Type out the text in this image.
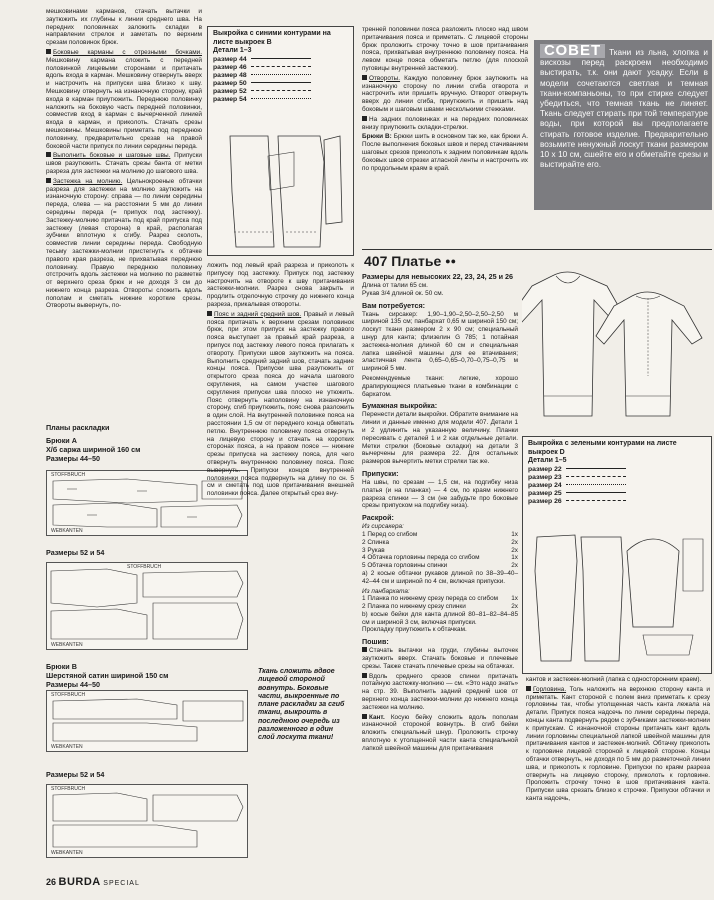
мешковинами карманов, стачать вытачки и заутюжить их глубины к линии среднего шва. На передних половинках заложить складки в направлении стрелок и заметать по верхним срезам половинок брюк.

Боковые карманы с отрезными бочками. Мешковину кармана сложить с передней половинкой лицевыми сторонами и притачать вдоль входа в карман. Мешковину отвернуть вверх и настрочить на припуски шва близко к шву. Мешковину отвернуть на изнаночную сторону, край входа в карман приутюжить. Переднюю половинку наложить на боковую часть передней половинки, совместив вход в карман с вычерченной линией входа в карман, и приколоть. Стачать срезы мешковины. Мешковины приметать под переднюю половинку, предварительно срезав на правой боковой части припуск по линии середины переда.

Выполнить боковые и шаговые швы. Припуски швов разутюжить. Стачать срезы банта от метки разреза для застежки на молнию до шагового шва.

Застежка на молнию. Цельнокроеные обтачки разреза для застежки на молнию заутюжить на изнаночную сторону: справа — по линии середины переда, слева — на расстоянии 5 мм до линии середины переда (= припуск под застежку). Застежку-молнию притачать под край припуска под застежку (левая сторона) в край, располагая зубчики вплотную к сгибу. Разрез сколоть, совместив линии середины переда. Свободную тесьму застежки-молнии пристегнуть к обтачке правого края разреза, не прихватывая переднюю половинку. Правую переднюю половинку отстрочить вдоль застежки на молнию по разметке от верхнего среза брюк и не доходя 3 см до нижнего конца разреза. Отвороты сложить вдоль пополам и сметать нижние короткие срезы. Отвороты вывернуть, по-

Планы раскладки
Брюки А
Х/б саржа шириной 160 см
Размеры 44–50
STOFFBRUCH
WEBKANTEN
Размеры 52 и 54
STOFFBRUCH
WEBKANTEN
Брюки В
Шерстяной сатин шириной 150 см
Размеры 44–50
STOFFBRUCH
WEBKANTEN
Размеры 52 и 54
STOFFBRUCH
WEBKANTEN
Выкройка с синими контурами на листе выкроек В
Детали 1–3
размер 44
размер 46
размер 48
размер 50
размер 52
размер 54

ложить под левый край разреза и приколоть к припуску под застежку. Припуск под застежку настрочить на отвороте к шву притачивания застежки-молнии. Разрез снова закрыть и продлить отделочную строчку до нижнего конца разреза, прикалывая отвороты.

Пояс и задний средний шов. Правый и левый пояса притачать к верхним срезам половинок брюк, при этом припуск на застежку правого пояса выступает за правый край разреза, а припуск под застежку левого пояса прилагать к отвороту. Припуски швов заутюжить на пояса. Выполнить средний задний шов, стачать задние концы пояса. Припуски шва разутюжить от открытого среза пояса до начала шагового скругления, на самом участке шагового скругления припуски шва плоско не утюжить. Пояс отвернуть наполовину на изнаночную сторону, сгиб приутюжить, пояс снова разложить в один слой. На внутренней половинке пояса на расстоянии 1,5 см от переднего конца обметать петлю. Внутреннюю половинку пояса отвернуть на лицевую сторону и стачать на коротких сторонах пояса, а на правом поясе — нижние срезы припуска на застежку пояса, для чего отвернуть внутреннюю половинку пояса. Пояс вывернуть. Припуски концов внутренней половинки пояса подвернуть на длину по сн. 5 см и сметать под шов притачивания внешней половинки пояса. Далее открытый срез вну-

Ткань сложить вдвое лицевой стороной вовнутрь. Боковые части, выкроенные по плане раскладки за сгиб ткани, выкроить в последнюю очередь из разложенного в один слой лоскута ткани!

тренней половинки пояса разложить плоско над швом притачивания пояса и приметать. С лицевой стороны брюк проложить строчку точно в шов притачивания пояса, прихватывая внутреннюю половинку пояса. На левом конце пояса обметать петлю (для плоской пуговицы внутренней застежки).

Отвороты. Каждую половинку брюк заутюжить на изнаночную сторону по линии сгиба отворота и настрочить или пришить вручную. Отворот отвернуть вверх до линии сгиба, приутюжить и пришить над боковым и шаговым швами несколькими стежками.

На задних половинках и на передних половинках внизу приутюжить складки-стрелки.

Брюки В: Брюки шить в основном так же, как брюки А. После выполнения боковых швов и перед стачиванием шаговых срезов приколоть к задним половинкам вдоль боковых швов отрезки атласной ленты и настрочить их по продольным краям в край.

СОВЕТ Ткани из льна, хлопка и вискозы перед раскроем необходимо выстирать, т.к. они дают усадку. Если в модели сочетаются светлая и темная ткани-компаньоны, то при стирке следует убедиться, что темная ткань не линяет. Ткань следует стирать при той температуре воды, при которой вы предполагаете стирать готовое изделие. Предварительно возьмите ненужный лоскут ткани размером 10 х 10 см, сшейте его и обметайте срезы и выстирайте его.
407 Платье ●●
Размеры для невысоких 22, 23, 24, 25 и 26

Длина от талии 65 см.

Рукав 3/4 длиной ок. 50 см.

Вам потребуется:

Ткань сирсакер: 1,90–1,90–2,50–2,50–2,50 м шириной 135 см; панбархат 0,65 м шириной 150 см; лоскут ткани размером 2 x 90 см; специальный шнур для канта; флизелин G 785; 1 потайная застежка-молния длиной 60 см и специальная лапка швейной машины для ее втачивания; эластичная лента 0,65–0,65–0,70–0,75–0,75 м шириной 5 мм.

Рекомендуемые ткани: легкие, хорошо драпирующиеся платьевые ткани в комбинации с бархатом.

Бумажная выкройка:

Перенести детали выкройки. Обратите внимание на линии и данные именно для модели 407. Детали 1 и 2 удлинить на указанную величину. Планки пересивать с деталей 1 и 2 как отдельные детали. Метки стрелки (боковые складки) на детали 3 вычерчены для размера 22. Для остальных размеров вычертить метки стрелки так же.

Припуски:

На швы, по срезам — 1,5 см, на подгибку низа платья (и на планках) — 4 см, по краям нижнего разреза спинки — 3 см (не забудьте про боковые срезы припуском на подгибку низа).

Раскрой:

Из сирсакера:

1 Перед со сгибом	1x
2 Спинка	2x
3 Рукав	2x
4 Обтачка горловины переда со сгибом	1x
5 Обтачка горловины спинки	2x

а) 2 косые обтачки рукавов длиной по 38–39–40–42–44 см и шириной по 4 см, включая припуски.

Из панбархата:

1 Планка по нижнему срезу переда со сгибом 1x
2 Планка по нижнему срезу спинки	2x

b) косые бейки для канта длиной 80–81–82–84–85 см и шириной 3 см, включая припуски.

Прокладку приутюжить к обтачкам.

Пошив:

Стачать вытачки на груди, глубины выточек заутюжить вверх. Стачать боковые и плечевые срезы. Также стачать плечевые срезы на обтачках.

Вдоль среднего срезов спинки притачать потайную застежку-молнию — см. «Это надо знать» на стр. 39. Выполнить задний средний шов от верхнего конца застежки-молнии до нижнего конца застежки на молнию.

Кант. Косую бейку сложить вдоль пополам изнаночной стороной вовнутрь. В сгиб бейки вложить специальный шнур. Проложить строчку вплотную к утолщенной части канта специальной лапкой швейной машины для притачивания

Выкройка с зелеными контурами на листе выкроек D
Детали 1–5
размер 22
размер 23
размер 24
размер 25
размер 26

кантов и застежек-молний (лапка с односторонним краем).

Горловина. Толь наложить на верхнюю сторону канта и приметать. Кант стороной с полем вниз приметать к срезу горловины так, чтобы утолщенная часть канта лежала на детали. Припуск пояса надсечь по линии середины переда, концы канта подвернуть рядом с зубчиками застежки-молнии к припускам. С изнаночной стороны притачать кант вдоль линии горловины специальной лапкой швейной машины для притачивания кантов и застежек-молний. Обтачку приколоть к горловине лицевой стороной к лицевой стороне. Концы обтачки отвернуть, не доходя по 5 мм до разметочной линии шва, и приколоть к горловине. Припуски по краям разреза отвернуть на лицевую сторону, приколоть к горловине. Проложить строчку точно в шов притачивания канта. Припуски шва срезать близко к строчке. Припуски обтачки и канта надсечь,

26 BURDA SPECIAL
